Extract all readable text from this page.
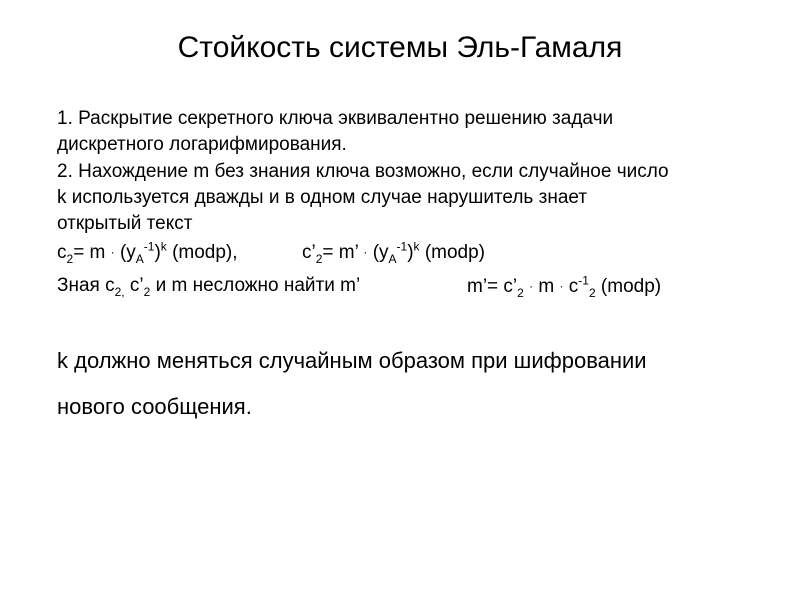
Стойкость системы Эль-Гамаля
1. Раскрытие секретного ключа эквивалентно решению задачи
дискретного логарифмирования.
2. Нахождение m без знания ключа возможно, если случайное число
k используется дважды и в одном случае нарушитель знает
открытый текст
$c_2= m \cdot (y_A^{-1})^k$ (modp),	$c’_2= m$’ · $(y_A^{-1})^k$ (modp)
Зная $c_{2,}$ $c’_2$ и m несложно найти m’	m’= $c’_2 \cdot m \cdot c^{-1}_2$ (modp)
k должно меняться случайным образом при шифровании
нового сообщения.
